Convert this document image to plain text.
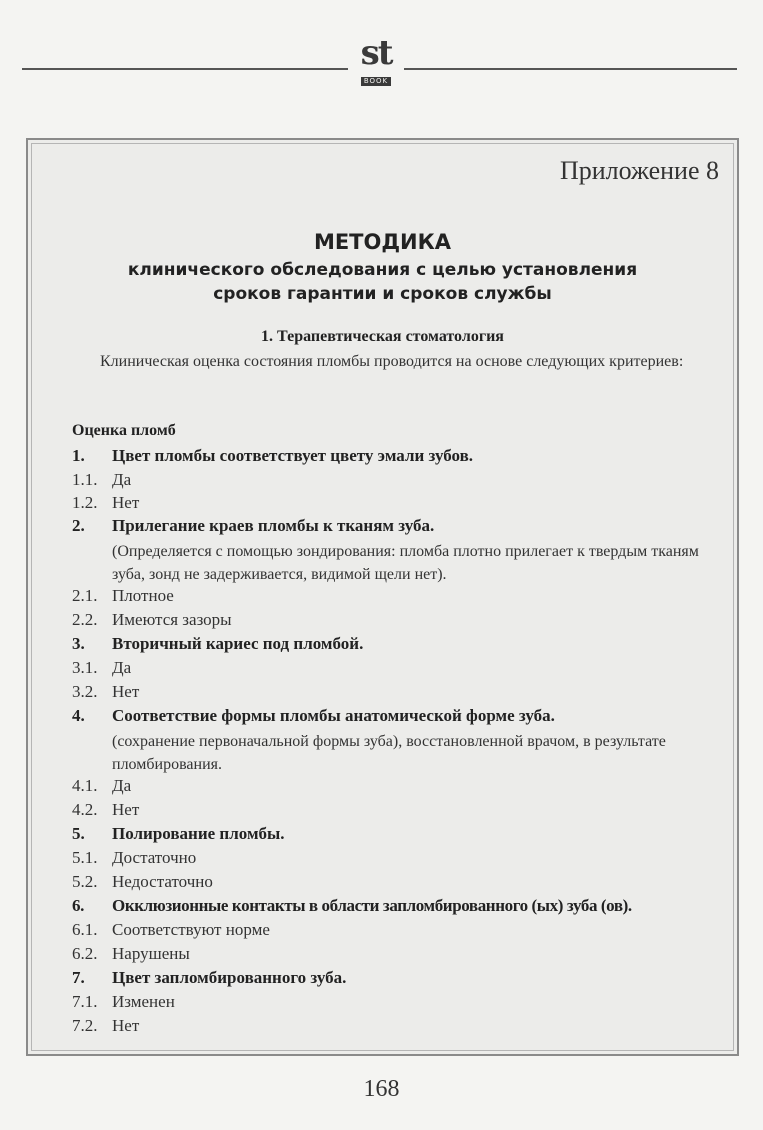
st
BOOK
Приложение 8
МЕТОДИКА
клинического обследования с целью установления
сроков гарантии и сроков службы
1. Терапевтическая стоматология
Клиническая оценка состояния пломбы проводится на основе следующих критериев:
Оценка пломб
1. Цвет пломбы соответствует цвету эмали зубов.
1.1. Да
1.2. Нет
2. Прилегание краев пломбы к тканям зуба.
(Определяется с помощью зондирования: пломба плотно прилегает к твердым тканям зуба, зонд не задерживается, видимой щели нет).
2.1. Плотное
2.2. Имеются зазоры
3. Вторичный кариес под пломбой.
3.1. Да
3.2. Нет
4. Соответствие формы пломбы анатомической форме зуба.
(сохранение первоначальной формы зуба), восстановленной врачом, в результате пломбирования.
4.1. Да
4.2. Нет
5. Полирование пломбы.
5.1. Достаточно
5.2. Недостаточно
6. Окклюзионные контакты в области запломбированного (ых) зуба (ов).
6.1. Соответствуют норме
6.2. Нарушены
7. Цвет запломбированного зуба.
7.1. Изменен
7.2. Нет
168
